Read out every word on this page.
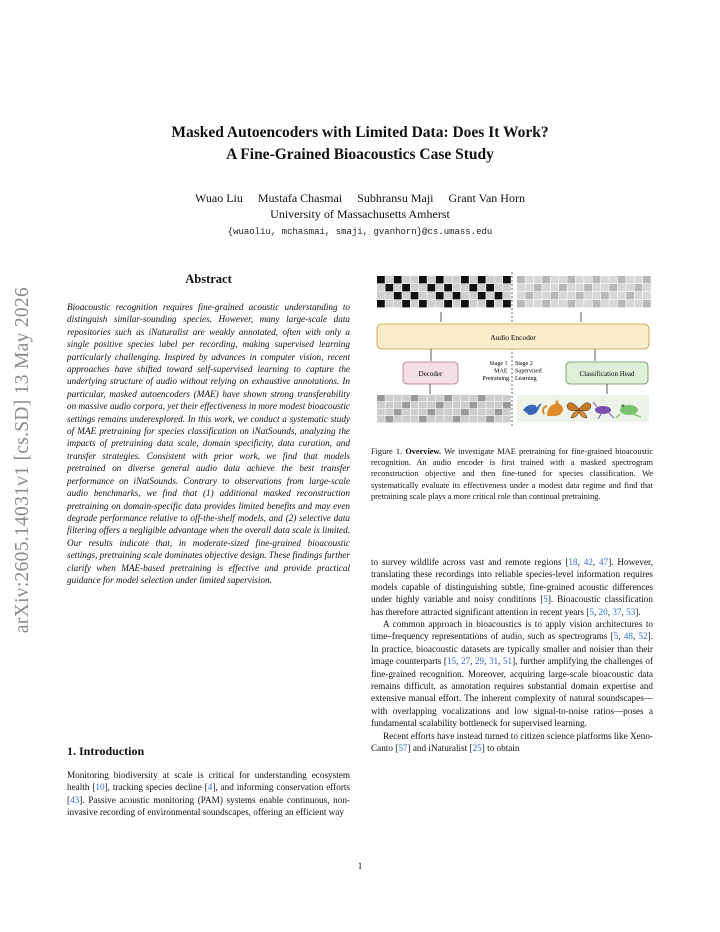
arXiv:2605.14031v1 [cs.SD] 13 May 2026
Masked Autoencoders with Limited Data: Does It Work?
A Fine-Grained Bioacoustics Case Study
Wuao Liu Mustafa Chasmai Subhransu Maji Grant Van Horn
University of Massachusetts Amherst
{wuaoliu, mchasmai, smaji, gvanhorn}@cs.umass.edu
Abstract
Bioacoustic recognition requires fine-grained acoustic understanding to distinguish similar-sounding species. However, many large-scale data repositories such as iNaturalist are weakly annotated, often with only a single positive species label per recording, making supervised learning particularly challenging. Inspired by advances in computer vision, recent approaches have shifted toward self-supervised learning to capture the underlying structure of audio without relying on exhaustive annotations. In particular, masked autoencoders (MAE) have shown strong transferability on massive audio corpora, yet their effectiveness in more modest bioacoustic settings remains underexplored. In this work, we conduct a systematic study of MAE pretraining for species classification on iNatSounds, analyzing the impacts of pretraining data scale, domain specificity, data curation, and transfer strategies. Consistent with prior work, we find that models pretrained on diverse general audio data achieve the best transfer performance on iNatSounds. Contrary to observations from large-scale audio benchmarks, we find that (1) additional masked reconstruction pretraining on domain-specific data provides limited benefits and may even degrade performance relative to off-the-shelf models, and (2) selective data filtering offers a negligible advantage when the overall data scale is limited. Our results indicate that, in moderate-sized fine-grained bioacoustic settings, pretraining scale dominates objective design. These findings further clarify when MAE-based pretraining is effective and provide practical guidance for model selection under limited supervision.
1. Introduction
Monitoring biodiversity at scale is critical for understanding ecosystem health [10], tracking species decline [4], and informing conservation efforts [43]. Passive acoustic monitoring (PAM) systems enable continuous, non-invasive recording of environmental soundscapes, offering an efficient way
Audio Encoder
Decoder	Classification Head
Stage 1 MAE Pretraining
Stage 2 Supervised Learning
Figure 1. Overview. We investigate MAE pretraining for fine-grained bioacoustic recognition. An audio encoder is first trained with a masked spectrogram reconstruction objective and then fine-tuned for species classification. We systematically evaluate its effectiveness under a modest data regime and find that pretraining scale plays a more critical role than continual pretraining.

to survey wildlife across vast and remote regions [18, 42, 47]. However, translating these recordings into reliable species-level information requires models capable of distinguishing subtle, fine-grained acoustic differences under highly variable and noisy conditions [5]. Bioacoustic classification has therefore attracted significant attention in recent years [5, 20, 37, 53].

A common approach in bioacoustics is to apply vision architectures to time–frequency representations of audio, such as spectrograms [5, 48, 52]. In practice, bioacoustic datasets are typically smaller and noisier than their image counterparts [15, 27, 29, 31, 51], further amplifying the challenges of fine-grained recognition. Moreover, acquiring large-scale bioacoustic data remains difficult, as annotation requires substantial domain expertise and extensive manual effort. The inherent complexity of natural soundscapes—with overlapping vocalizations and low signal-to-noise ratios—poses a fundamental scalability bottleneck for supervised learning.

Recent efforts have instead turned to citizen science platforms like Xeno-Canto [57] and iNaturalist [25] to obtain

1
